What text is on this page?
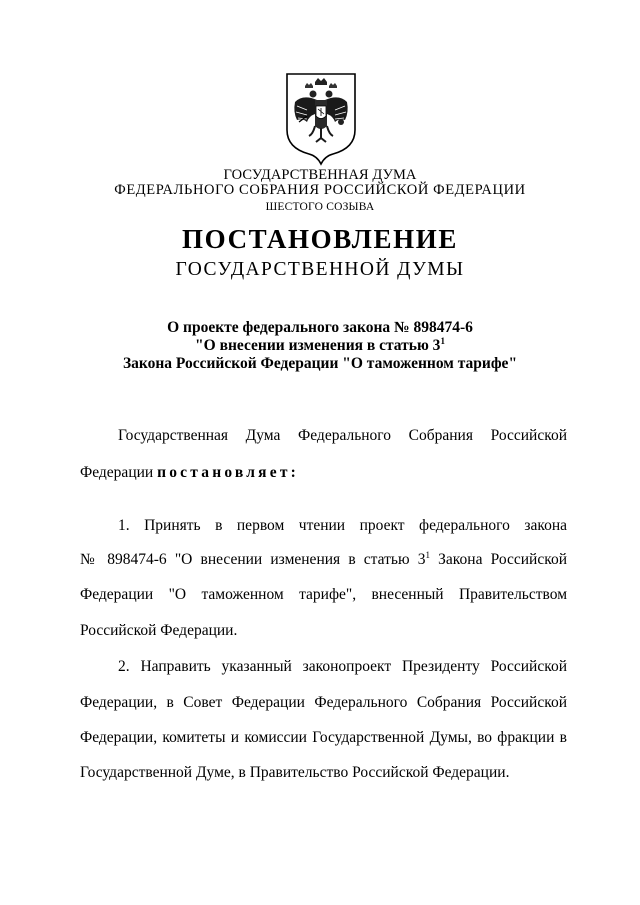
ГОСУДАРСТВЕННАЯ ДУМА
ФЕДЕРАЛЬНОГО СОБРАНИЯ РОССИЙСКОЙ ФЕДЕРАЦИИ
ШЕСТОГО СОЗЫВА
ПОСТАНОВЛЕНИЕ
ГОСУДАРСТВЕННОЙ ДУМЫ
О проекте федерального закона № 898474-6
"О внесении изменения в статью $3^1$
Закона Российской Федерации "О таможенном тарифе"
Государственная Дума Федерального Собрания Российской
Федерации постановляет:
1. Принять в первом чтении проект федерального закона
№ 898474-6 "О внесении изменения в статью $3^1$ Закона Российской
Федерации "О таможенном тарифе", внесенный Правительством
Российской Федерации.
2. Направить указанный законопроект Президенту Российской
Федерации, в Совет Федерации Федерального Собрания Российской
Федерации, комитеты и комиссии Государственной Думы, во фракции в
Государственной Думе, в Правительство Российской Федерации.
